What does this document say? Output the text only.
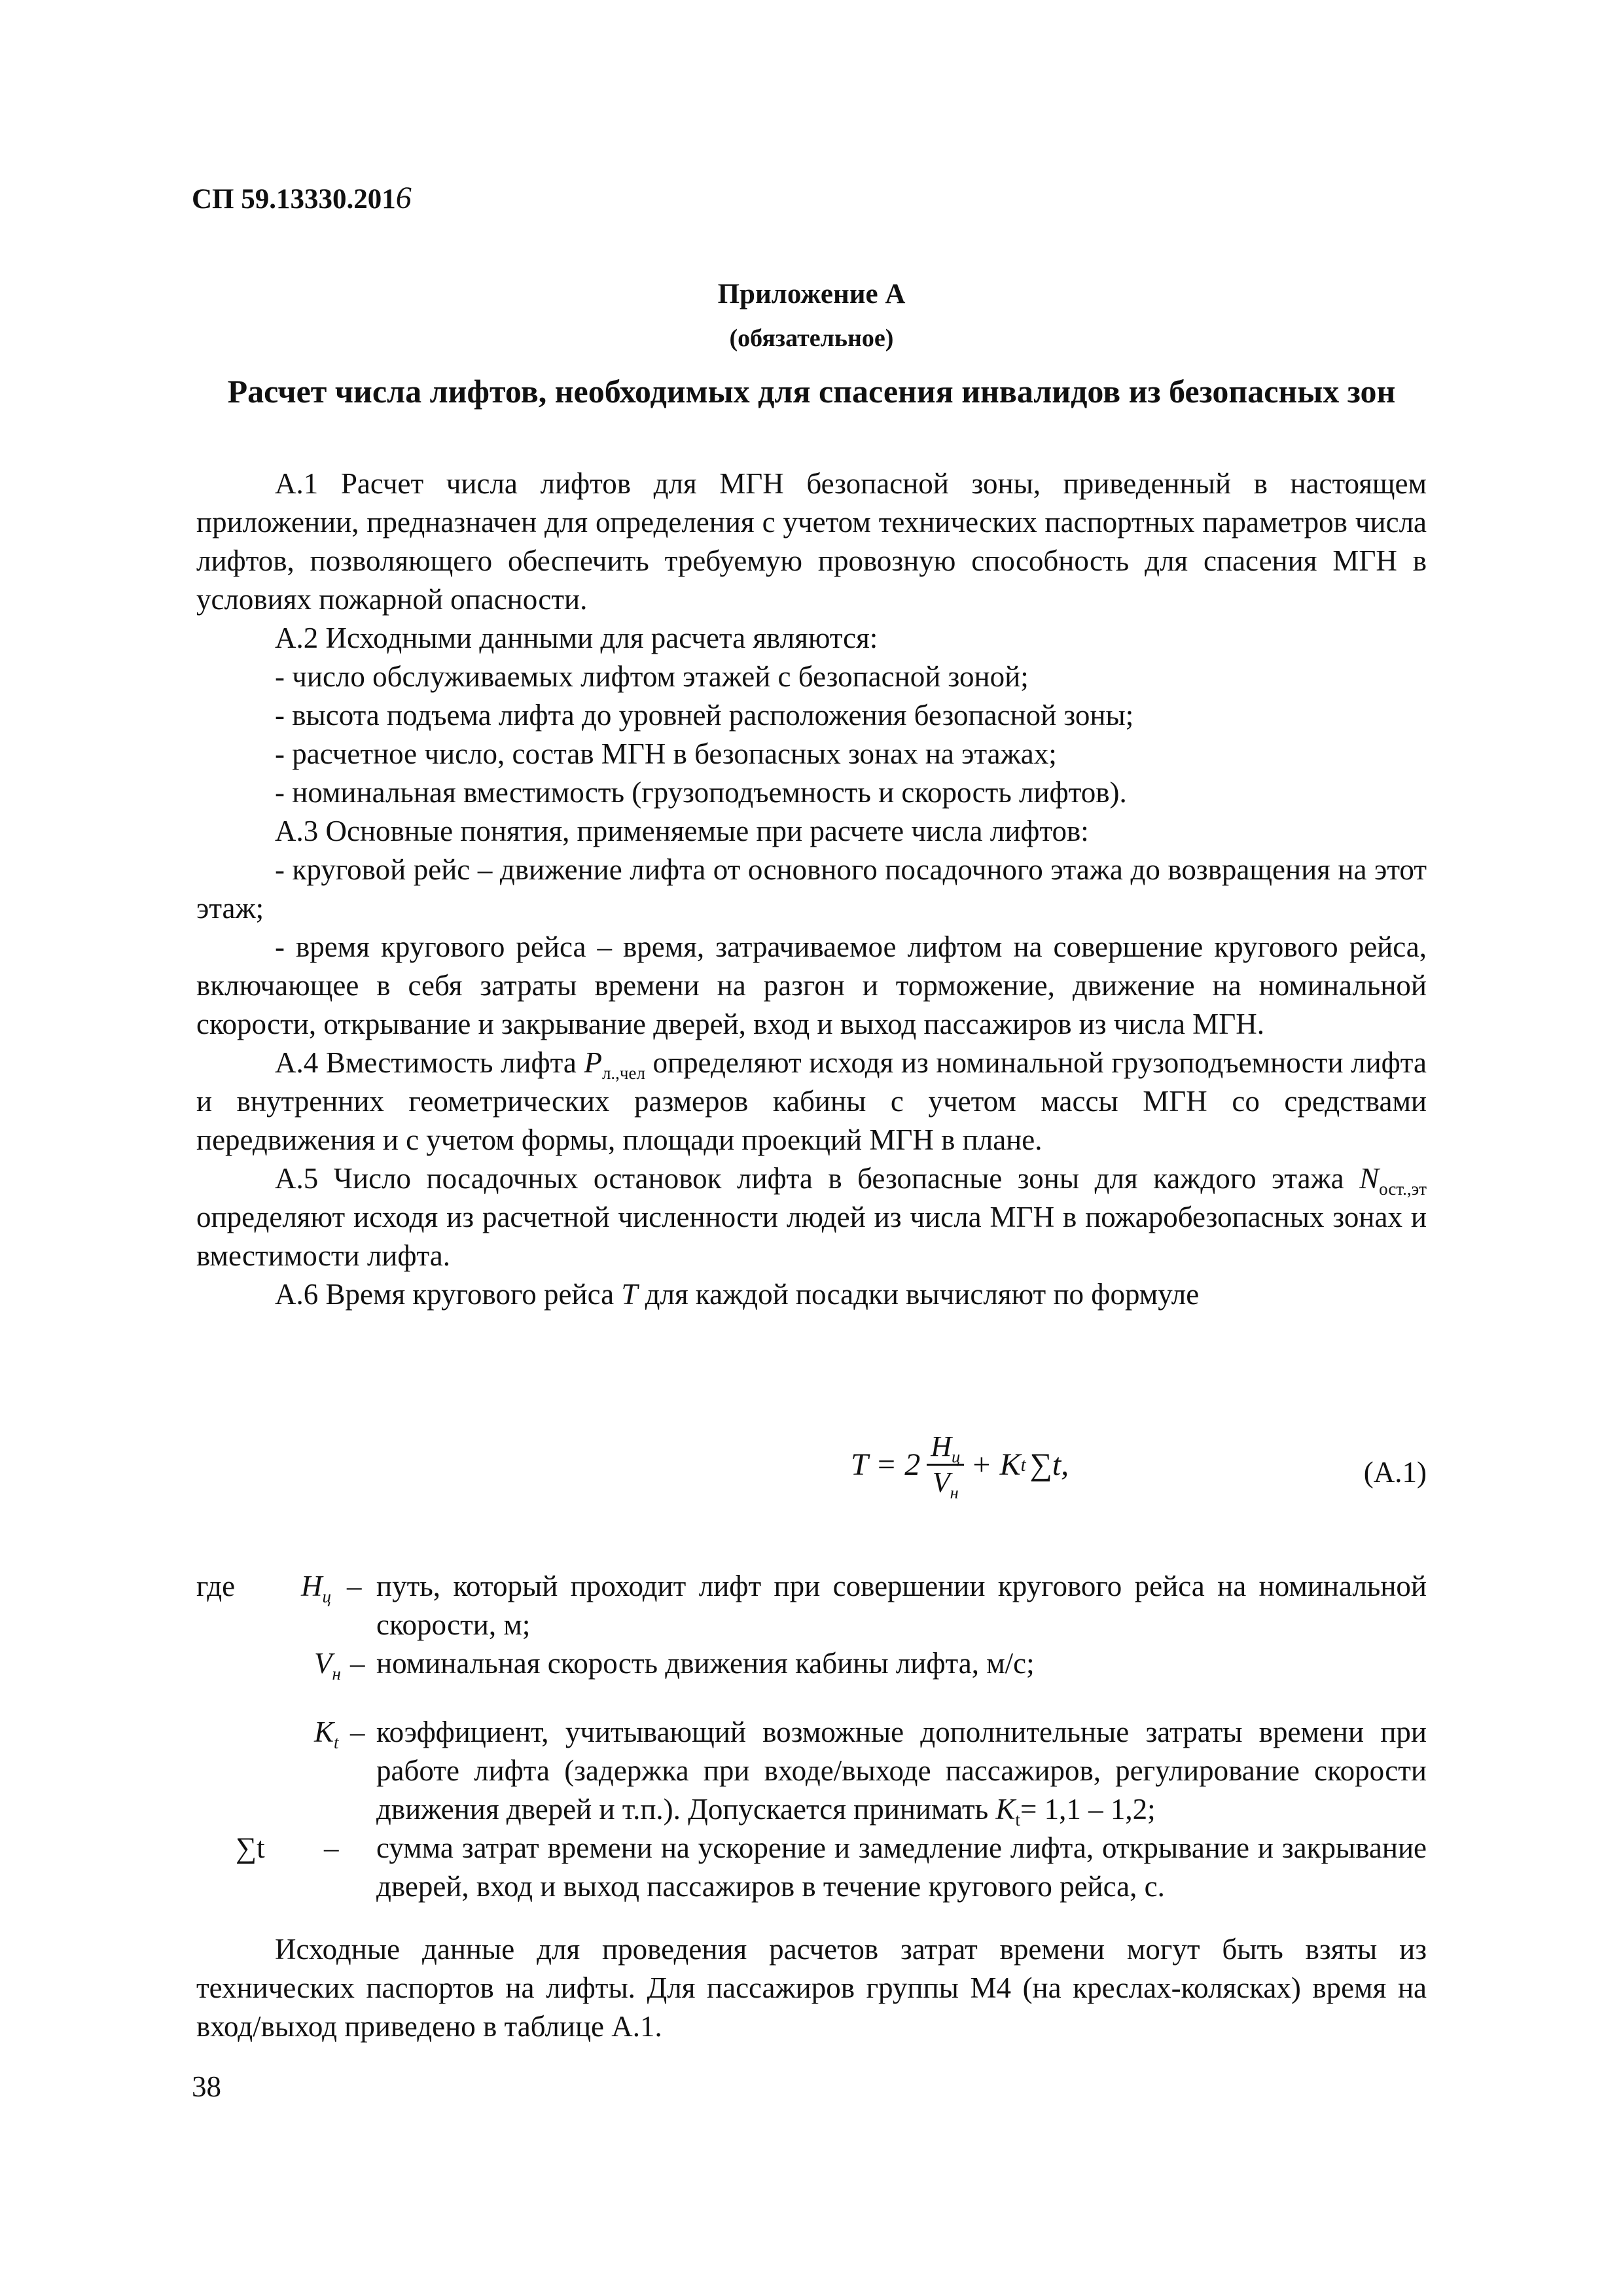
СП 59.13330.2016
Приложение А
(обязательное)
Расчет числа лифтов, необходимых для спасения инвалидов из безопасных зон

А.1 Расчет числа лифтов для МГН безопасной зоны, приведенный в настоящем приложении, предназначен для определения с учетом технических паспортных параметров числа лифтов, позволяющего обеспечить требуемую провозную способность для спасения МГН в условиях пожарной опасности.

А.2 Исходными данными для расчета являются:

- число обслуживаемых лифтом этажей с безопасной зоной;

- высота подъема лифта до уровней расположения безопасной зоны;

- расчетное число, состав МГН в безопасных зонах на этажах;

- номинальная вместимость (грузоподъемность и скорость лифтов).

А.3 Основные понятия, применяемые при расчете числа лифтов:

- круговой рейс – движение лифта от основного посадочного этажа до возвращения на этот этаж;

- время кругового рейса – время, затрачиваемое лифтом на совершение кругового рейса, включающее в себя затраты времени на разгон и торможение, движение на номинальной скорости, открывание и закрывание дверей, вход и выход пассажиров из числа МГН.

А.4 Вместимость лифта $P_{л.,чел}$ определяют исходя из номинальной грузоподъемности лифта и внутренних геометрических размеров кабины с учетом массы МГН со средствами передвижения и с учетом формы, площади проекций МГН в плане.

А.5 Число посадочных остановок лифта в безопасные зоны для каждого этажа $N_{ост.,эт}$ определяют исходя из расчетной численности людей из числа МГН в пожаробезопасных зонах и вместимости лифта.

А.6 Время кругового рейса T для каждой посадки вычисляют по формуле

$T = 2 \frac{H_ц}{V_н} + K$ t ∑t,	(А.1)
где $H_ц$ – путь, который проходит лифт при совершении кругового рейса на номинальной скорости, м;
$V_н$ – номинальная скорость движения кабины лифта, м/с;
$K_t$ – коэффициент, учитывающий возможные дополнительные затраты времени при работе лифта (задержка при входе/выходе пассажиров, регулирование скорости движения дверей и т.п.). Допускается принимать $K_t= 1,1 - 1,2$;
∑t – сумма затрат времени на ускорение и замедление лифта, открывание и закрывание дверей, вход и выход пассажиров в течение кругового рейса, с.

Исходные данные для проведения расчетов затрат времени могут быть взяты из технических паспортов на лифты. Для пассажиров группы М4 (на креслах-колясках) время на вход/выход приведено в таблице А.1.

38
